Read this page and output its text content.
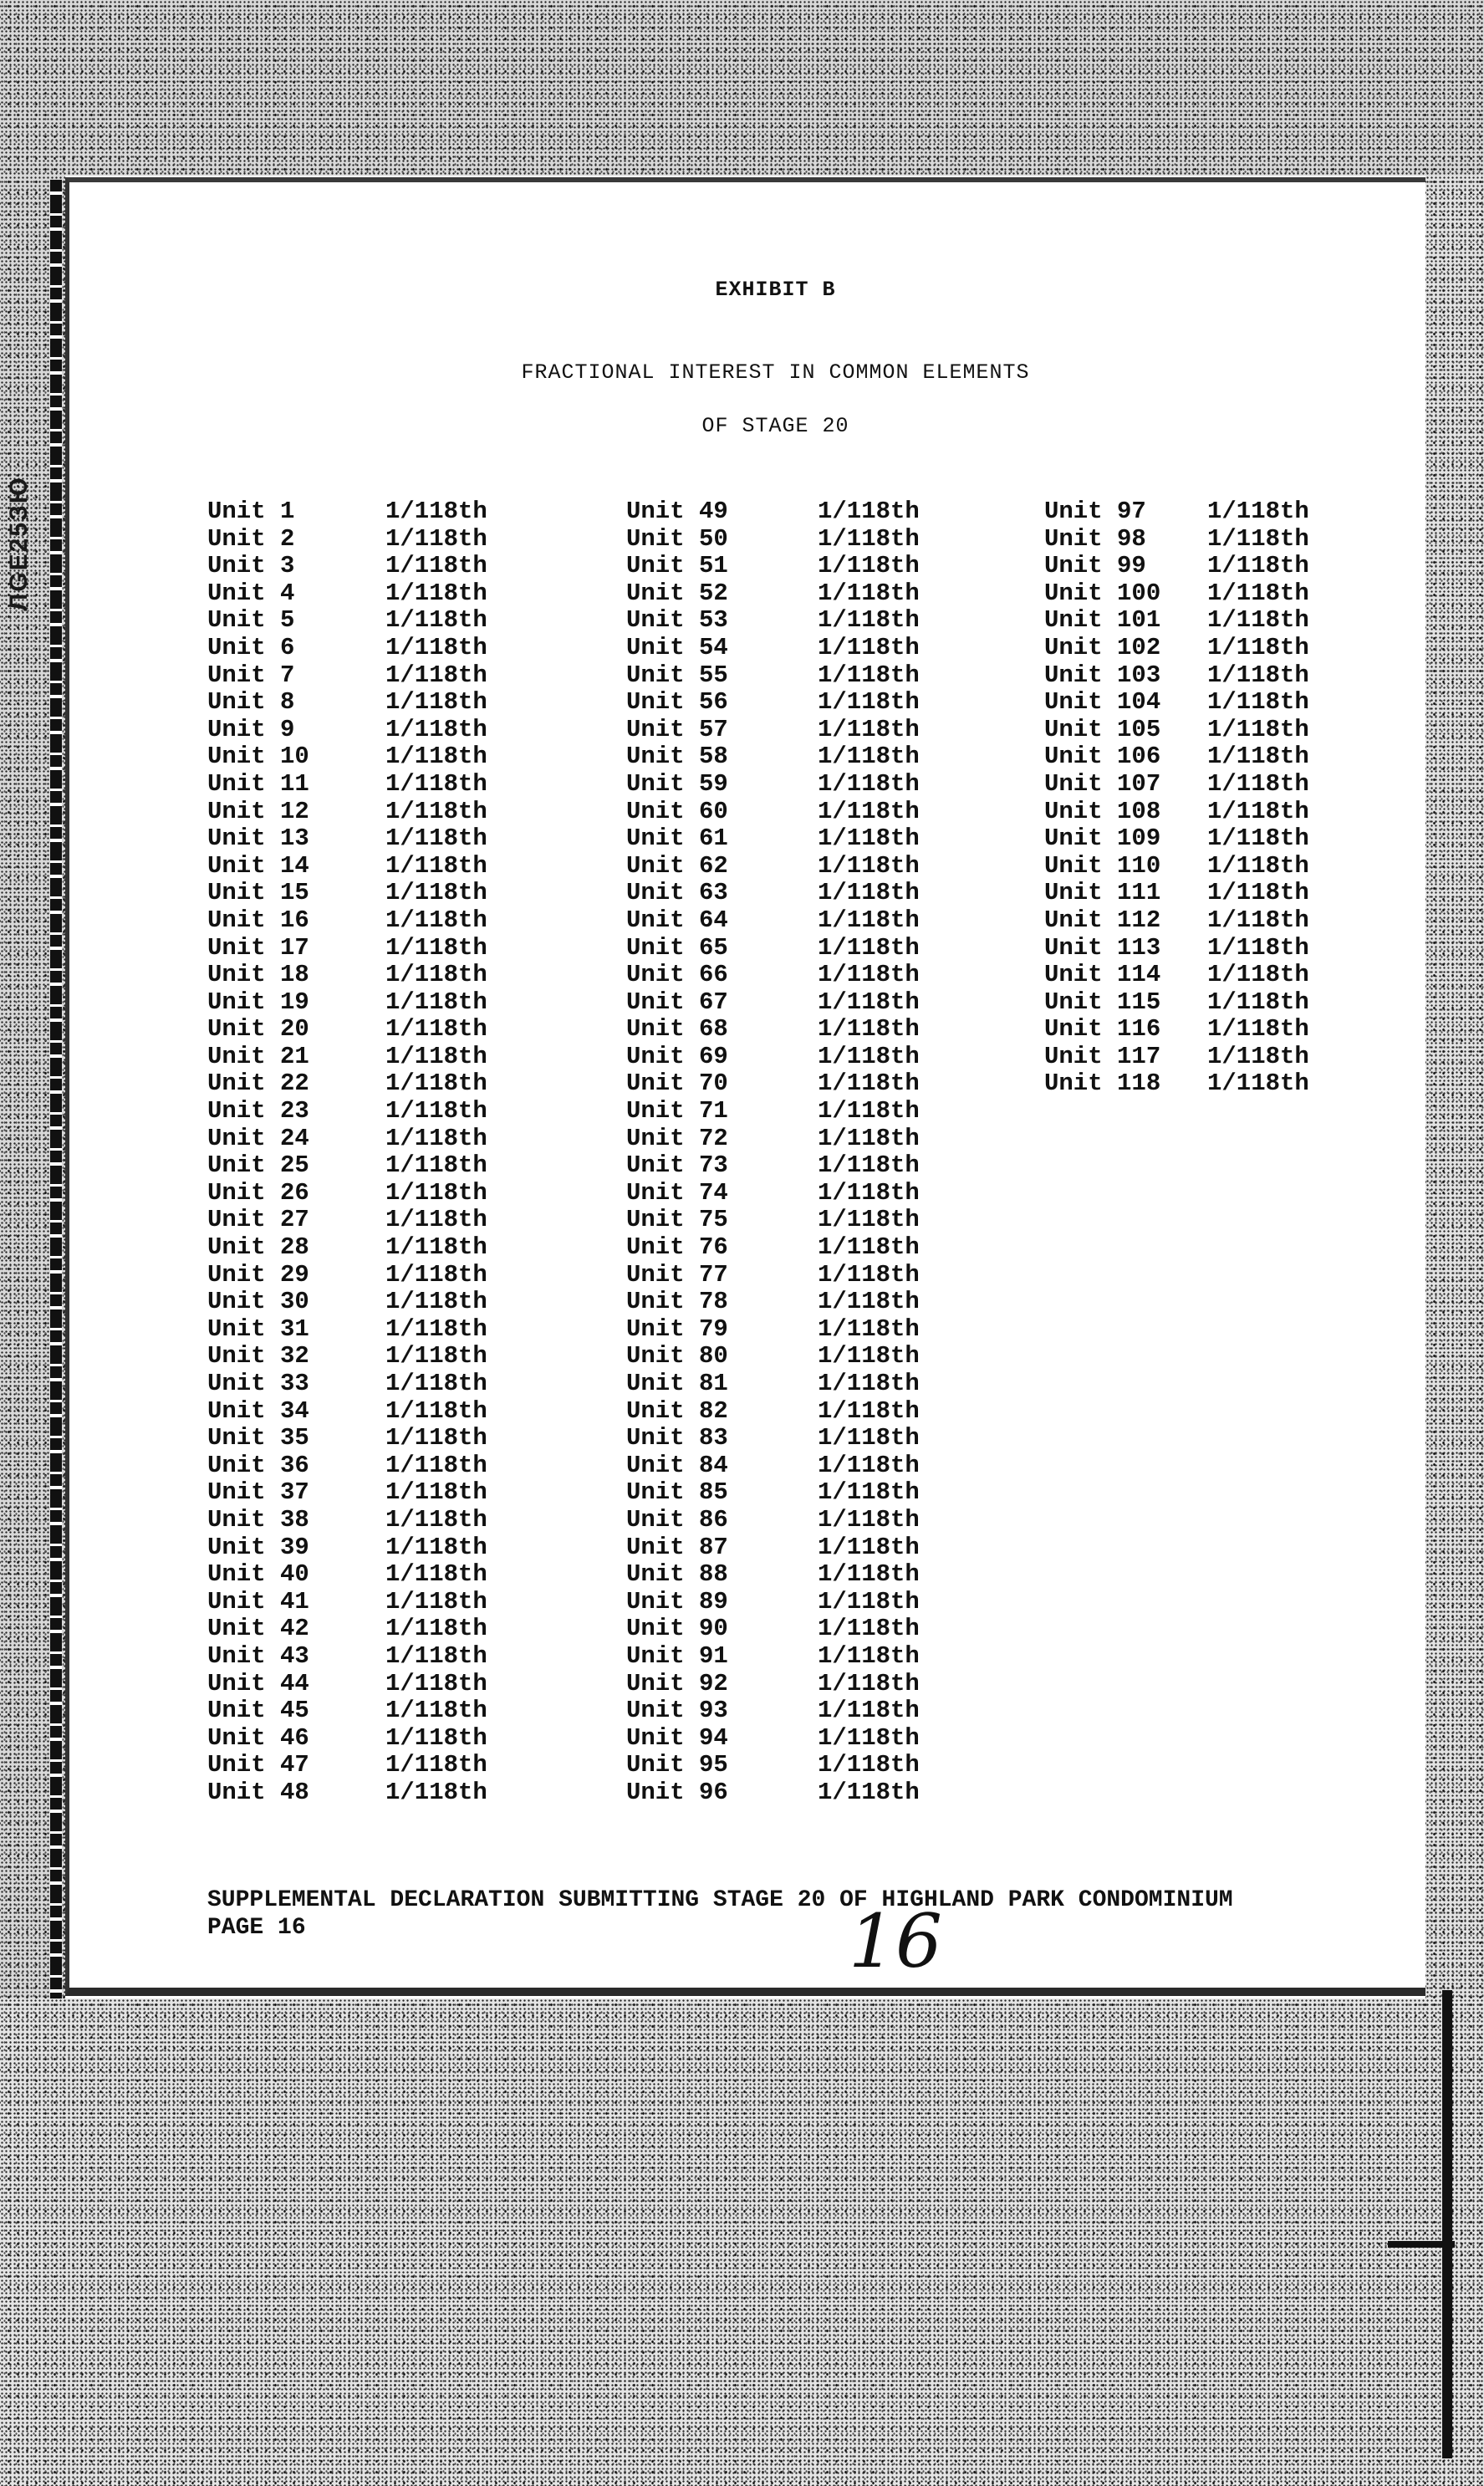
ЛGЕ25ЗЮ
EXHIBIT B
FRACTIONAL INTEREST IN COMMON ELEMENTS
OF STAGE 20
Unit 1	1/118th
Unit 2	1/118th
Unit 3	1/118th
Unit 4	1/118th
Unit 5	1/118th
Unit 6	1/118th
Unit 7	1/118th
Unit 8	1/118th
Unit 9	1/118th
Unit 10	1/118th
Unit 11	1/118th
Unit 12	1/118th
Unit 13	1/118th
Unit 14	1/118th
Unit 15	1/118th
Unit 16	1/118th
Unit 17	1/118th
Unit 18	1/118th
Unit 19	1/118th
Unit 20	1/118th
Unit 21	1/118th
Unit 22	1/118th
Unit 23	1/118th
Unit 24	1/118th
Unit 25	1/118th
Unit 26	1/118th
Unit 27	1/118th
Unit 28	1/118th
Unit 29	1/118th
Unit 30	1/118th
Unit 31	1/118th
Unit 32	1/118th
Unit 33	1/118th
Unit 34	1/118th
Unit 35	1/118th
Unit 36	1/118th
Unit 37	1/118th
Unit 38	1/118th
Unit 39	1/118th
Unit 40	1/118th
Unit 41	1/118th
Unit 42	1/118th
Unit 43	1/118th
Unit 44	1/118th
Unit 45	1/118th
Unit 46	1/118th
Unit 47	1/118th
Unit 48	1/118th
Unit 49	1/118th
Unit 50	1/118th
Unit 51	1/118th
Unit 52	1/118th
Unit 53	1/118th
Unit 54	1/118th
Unit 55	1/118th
Unit 56	1/118th
Unit 57	1/118th
Unit 58	1/118th
Unit 59	1/118th
Unit 60	1/118th
Unit 61	1/118th
Unit 62	1/118th
Unit 63	1/118th
Unit 64	1/118th
Unit 65	1/118th
Unit 66	1/118th
Unit 67	1/118th
Unit 68	1/118th
Unit 69	1/118th
Unit 70	1/118th
Unit 71	1/118th
Unit 72	1/118th
Unit 73	1/118th
Unit 74	1/118th
Unit 75	1/118th
Unit 76	1/118th
Unit 77	1/118th
Unit 78	1/118th
Unit 79	1/118th
Unit 80	1/118th
Unit 81	1/118th
Unit 82	1/118th
Unit 83	1/118th
Unit 84	1/118th
Unit 85	1/118th
Unit 86	1/118th
Unit 87	1/118th
Unit 88	1/118th
Unit 89	1/118th
Unit 90	1/118th
Unit 91	1/118th
Unit 92	1/118th
Unit 93	1/118th
Unit 94	1/118th
Unit 95	1/118th
Unit 96	1/118th
Unit 97	1/118th
Unit 98	1/118th
Unit 99	1/118th
Unit 100	1/118th
Unit 101	1/118th
Unit 102	1/118th
Unit 103	1/118th
Unit 104	1/118th
Unit 105	1/118th
Unit 106	1/118th
Unit 107	1/118th
Unit 108	1/118th
Unit 109	1/118th
Unit 110	1/118th
Unit 111	1/118th
Unit 112	1/118th
Unit 113	1/118th
Unit 114	1/118th
Unit 115	1/118th
Unit 116	1/118th
Unit 117	1/118th
Unit 118	1/118th
SUPPLEMENTAL DECLARATION SUBMITTING STAGE 20 OF HIGHLAND PARK CONDOMINIUM
PAGE 16	16
